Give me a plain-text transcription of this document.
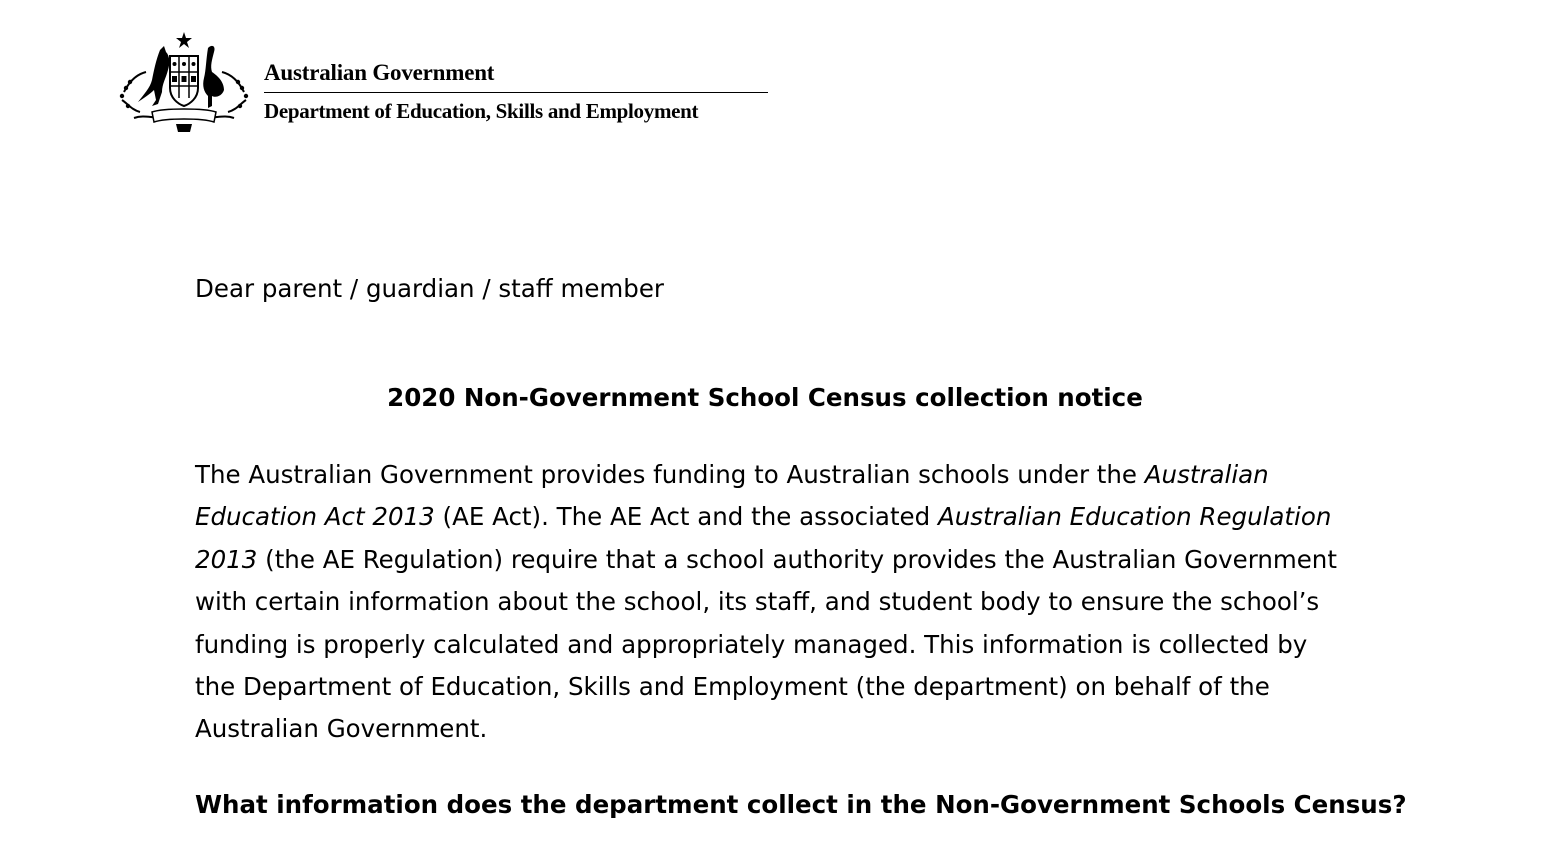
Australian Government
Department of Education, Skills and Employment

Dear parent / guardian / staff member

2020 Non-Government School Census collection notice

The Australian Government provides funding to Australian schools under the Australian Education Act 2013 (AE Act). The AE Act and the associated Australian Education Regulation 2013 (the AE Regulation) require that a school authority provides the Australian Government with certain information about the school, its staff, and student body to ensure the school’s funding is properly calculated and appropriately managed. This information is collected by the Department of Education, Skills and Employment (the department) on behalf of the Australian Government.

What information does the department collect in the Non-Government Schools Census?
